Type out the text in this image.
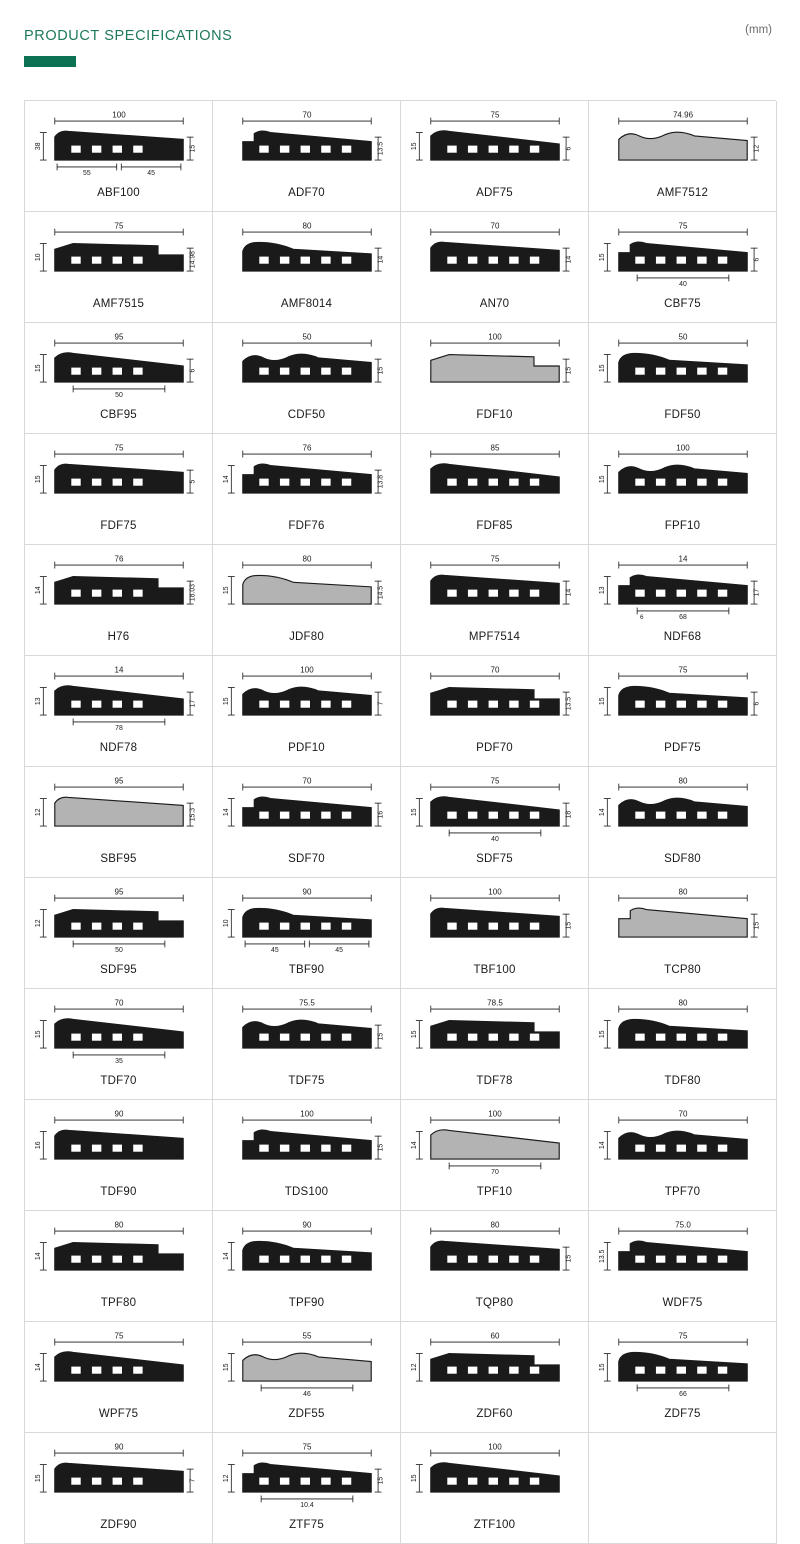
PRODUCT SPECIFICATIONS	(mm)
100
38	15
55	45
ABF100
70
13.5
ADF70
75
15	6
ADF75
74.96
12
AMF7512
75
10	14.98
AMF7515
80
14
AMF8014
70
14
AN70
75
15	6
40
CBF75
95
15	6
50
CBF95
50
15
CDF50
100
15
FDF10
50
15
FDF50
75
15	5
FDF75
76
14	13.8
FDF76
85
FDF85
100
15
FPF10
76
14	18.03
H76
80
15	14.5
JDF80
75
14
MPF7514
14
13	17
68
6
NDF68
14
13	17
78
NDF78
100
15	7
PDF10
70
13.5
PDF70
75
15	6
PDF75
95
12	15.3
SBF95
70
14	16
SDF70
75
15	18
40
SDF75
80
14
SDF80
95
12
50
SDF95
90
10
45	45
TBF90
100
15
TBF100
80
15
TCP80
70
15
35
TDF70
75.5
15
TDF75
78.5
15
TDF78
80
15
TDF80
90
16
TDF90
100
15
TDS100
100
14
70
TPF10
70
14
TPF70
80
14
TPF80
90
14
TPF90
80
15
TQP80
75.0
13.5
WDF75
75
14
WPF75
55
15
46
ZDF55
60
12
ZDF60
75
15
66
ZDF75
90
15	7
ZDF90
75
12	15
10.4
ZTF75
100
15
ZTF100
